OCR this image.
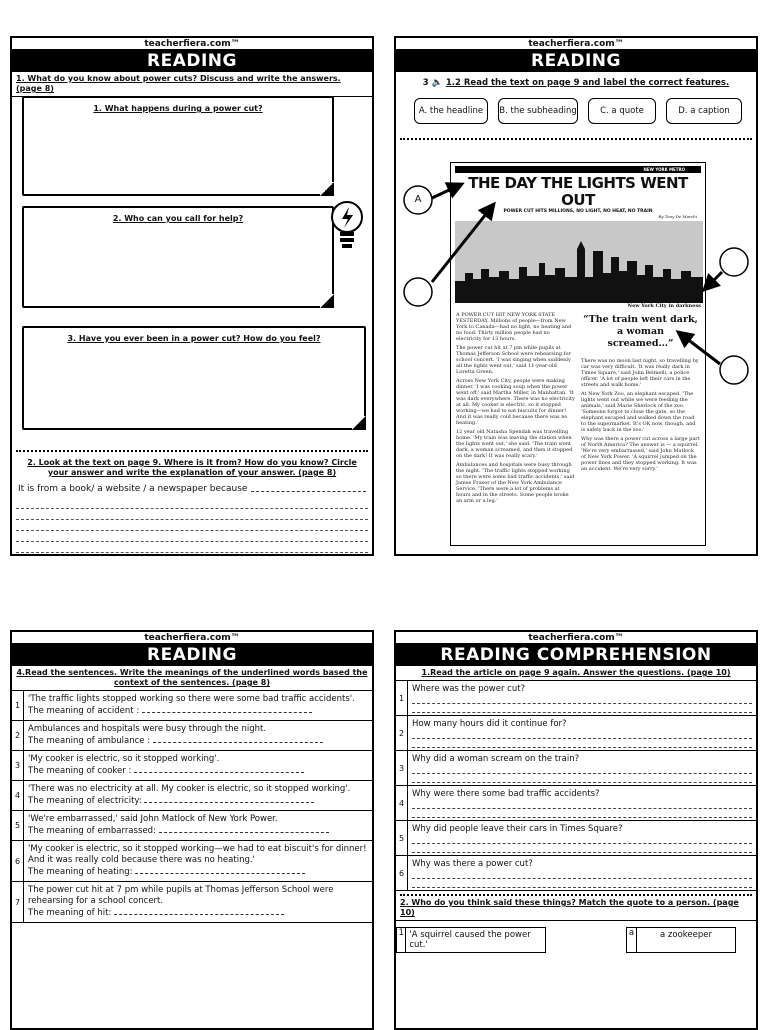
teacherfiera.com™
READING
1. What do you know about power cuts? Discuss and write the answers. (page 8)
1. What happens during a power cut?
2. Who can you call for help?
3. Have you ever been in a power cut? How do you feel?
2. Look at the text on page 9. Where is it from? How do you know? Circle your answer and write the explanation of your answer. (page 8)
It is from a book/ a website / a newspaper because
teacherfiera.com™
READING
3 🔈 1.2 Read the text on page 9 and label the correct features.
A. the headline	B. the subheading	C. a quote	D. a caption
NEW YORK METRO
THE DAY THE LIGHTS WENT OUT
POWER CUT HITS MILLIONS, NO LIGHT, NO HEAT, NO TRAIN
By Tony De Marchi
New York City in darkness

A POWER CUT HIT NEW YORK STATE YESTERDAY. Millions of people—from New York to Canada—had no light, no heating and no food. Thirty million people had no electricity for 13 hours.

The power cut hit at 7 pm while pupils at Thomas Jefferson School were rehearsing for school concert. 'I was singing when suddenly all the lights went out,' said 11-year-old Loretta Green.

Across New York City, people were making dinner. 'I was cooking soup when the power went off,' said Martha Miller, in Manhattan. 'It was dark everywhere. There was no electricity at all. My cooker is electric, so it stopped working—we had to eat biscuits for dinner! And it was really cold because there was no heating.'

12 year old Natasha Spendak was travelling home. 'My train was leaving the station when the lights went out,' she said. 'The train went dark, a woman screamed, and then it stopped on the dark! It was really scary.'

Ambulances and hospitals were busy through the night. 'The traffic lights stopped working so there were some bad traffic accidents,' said James Fraser of the New York Ambulance Service. 'There were a lot of problems at hours and in the streets. Some people broke an arm or a leg.'

“The train went dark, a woman screamed…”

There was no moon last night, so travelling by car was very difficult. 'It was really dark in Times Square,' said John Belmelli, a police officer. 'A lot of people left their cars in the streets and walk home.'

At New York Zoo, an elephant escaped. 'The lights went out while we were feeding the animals,' said Marie Sherlock of the zoo. 'Someone forgot to close the gate, so the elephant escaped and walked down the road to the supermarket. It's OK now, though, and is safely back in the zoo.'

Why was there a power cut across a large part of North America? The answer is — a squirrel. 'We're very embarrassed,' said John Matlock of New York Power. 'A squirrel jumped on the power lines and they stopped working. It was an accident. We're very sorry.'

A
teacherfiera.com™
READING
4.Read the sentences. Write the meanings of the underlined words based the context of the sentences. (page 8)
1
'The traffic lights stopped working so there were some bad traffic accidents'.
The meaning of accident :
2
Ambulances and hospitals were busy through the night.
The meaning of ambulance :
3
'My cooker is electric, so it stopped working'.
The meaning of cooker :
4
'There was no electricity at all. My cooker is electric, so it stopped working'.
The meaning of electricity:
5
'We're embarrassed,' said John Matlock of New York Power.
The meaning of embarrassed:
6
'My cooker is electric, so it stopped working—we had to eat biscuit's for dinner! And it was really cold because there was no heating.'
The meaning of heating:
7
The power cut hit at 7 pm while pupils at Thomas Jefferson School were rehearsing for a school concert.
The meaning of hit:
teacherfiera.com™
READING COMPREHENSION
1.Read the article on page 9 again. Answer the questions. (page 10)
1
Where was the power cut?
2
How many hours did it continue for?
3
Why did a woman scream on the train?
4
Why were there some bad traffic accidents?
5
Why did people leave their cars in Times Square?
6
Why was there a power cut?
2. Who do you think said these things? Match the quote to a person. (page 10)
1 'A squirrel caused the power cut.'
a	a zookeeper
